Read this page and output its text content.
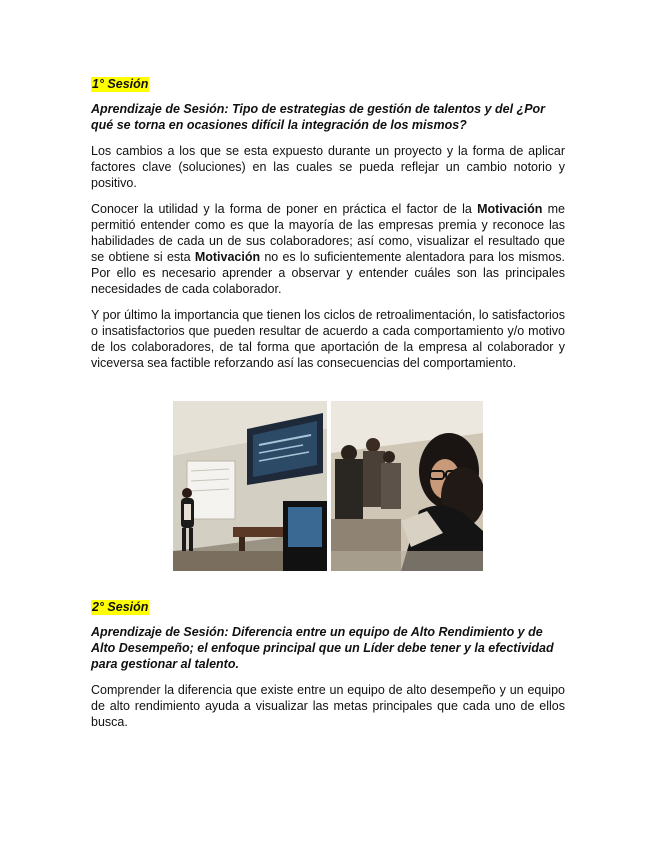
1° Sesión

Aprendizaje de Sesión: Tipo de estrategias de gestión de talentos y del ¿Por qué se torna en ocasiones difícil la integración de los mismos?

Los cambios a los que se esta expuesto durante un proyecto y la forma de aplicar factores clave (soluciones) en las cuales se pueda reflejar un cambio notorio y positivo.

Conocer la utilidad y la forma de poner en práctica el factor de la Motivación me permitió entender como es que la mayoría de las empresas premia y reconoce las habilidades de cada un de sus colaboradores; así como, visualizar el resultado que se obtiene si esta Motivación no es lo suficientemente alentadora para los mismos. Por ello es necesario aprender a observar y entender cuáles son las principales necesidades de cada colaborador.

Y por último la importancia que tienen los ciclos de retroalimentación, lo satisfactorios o insatisfactorios que pueden resultar de acuerdo a cada comportamiento y/o motivo de los colaboradores, de tal forma que aportación de la empresa al colaborador y viceversa sea factible reforzando así las consecuencias del comportamiento.

2° Sesión

Aprendizaje de Sesión: Diferencia entre un equipo de Alto Rendimiento y de Alto Desempeño; el enfoque principal que un Líder debe tener y la efectividad para gestionar al talento.

Comprender la diferencia que existe entre un equipo de alto desempeño y un equipo de alto rendimiento ayuda a visualizar las metas principales que cada uno de ellos busca.
